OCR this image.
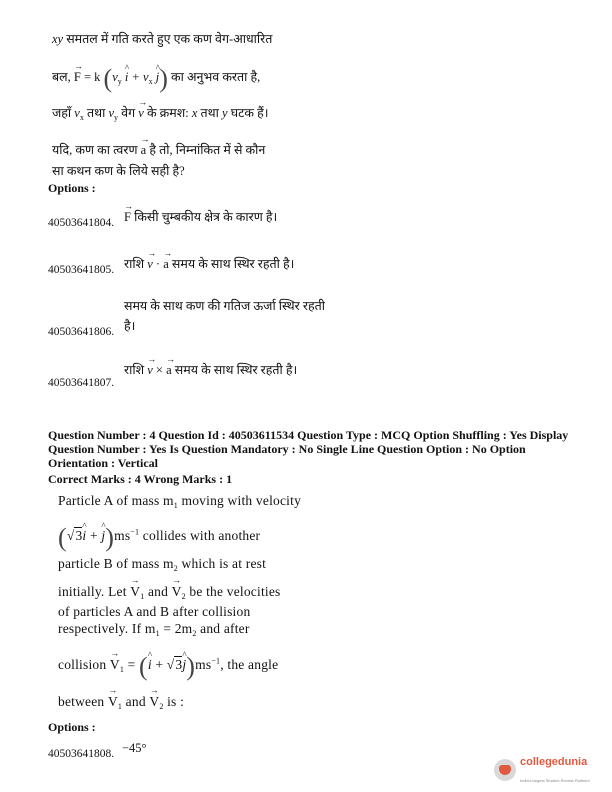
xy समतल में गति करते हुए एक कण वेग-आधारित
बल, → F = k ($v_y$ ^ $i + v_x$ ^ j) का अनुभव करता है,
जहाँ $v_x$ तथा $v_y$ वेग → v के क्रमश: x तथा y घटक हैं।
यदि, कण का त्वरण → a है तो, निम्नांकित में से कौन
सा कथन कण के लिये सही है?
Options :
40503641804. → F किसी चुम्बकीय क्षेत्र के कारण है।
40503641805. राशि → v · → a समय के साथ स्थिर रहती है।
समय के साथ कण की गतिज ऊर्जा स्थिर रहती
है।
40503641806.
राशि → v × → a समय के साथ स्थिर रहती है।
40503641807.
Question Number : 4 Question Id : 40503611534 Question Type : MCQ Option Shuffling : Yes Display
Question Number : Yes Is Question Mandatory : No Single Line Question Option : No Option
Orientation : Vertical
Correct Marks : 4 Wrong Marks : 1
Particle A of mass $m_1$ moving with velocity
(√3^ i + ^ $j)ms^{-1}$ collides with another
particle B of mass $m_2$ which is at rest
initially. Let → $V_1$ and → $V_2$ be the velocities
of particles A and B after collision
respectively. If $m_1 = 2m_2$ and after
collision → $V_1$ = (^ i + √3^ $j)ms^{-1}$, the angle
between → $V_1$ and → $V_2$ is :
Options :
40503641808. −45°
collegedunia
India's largest Student Review Platform
